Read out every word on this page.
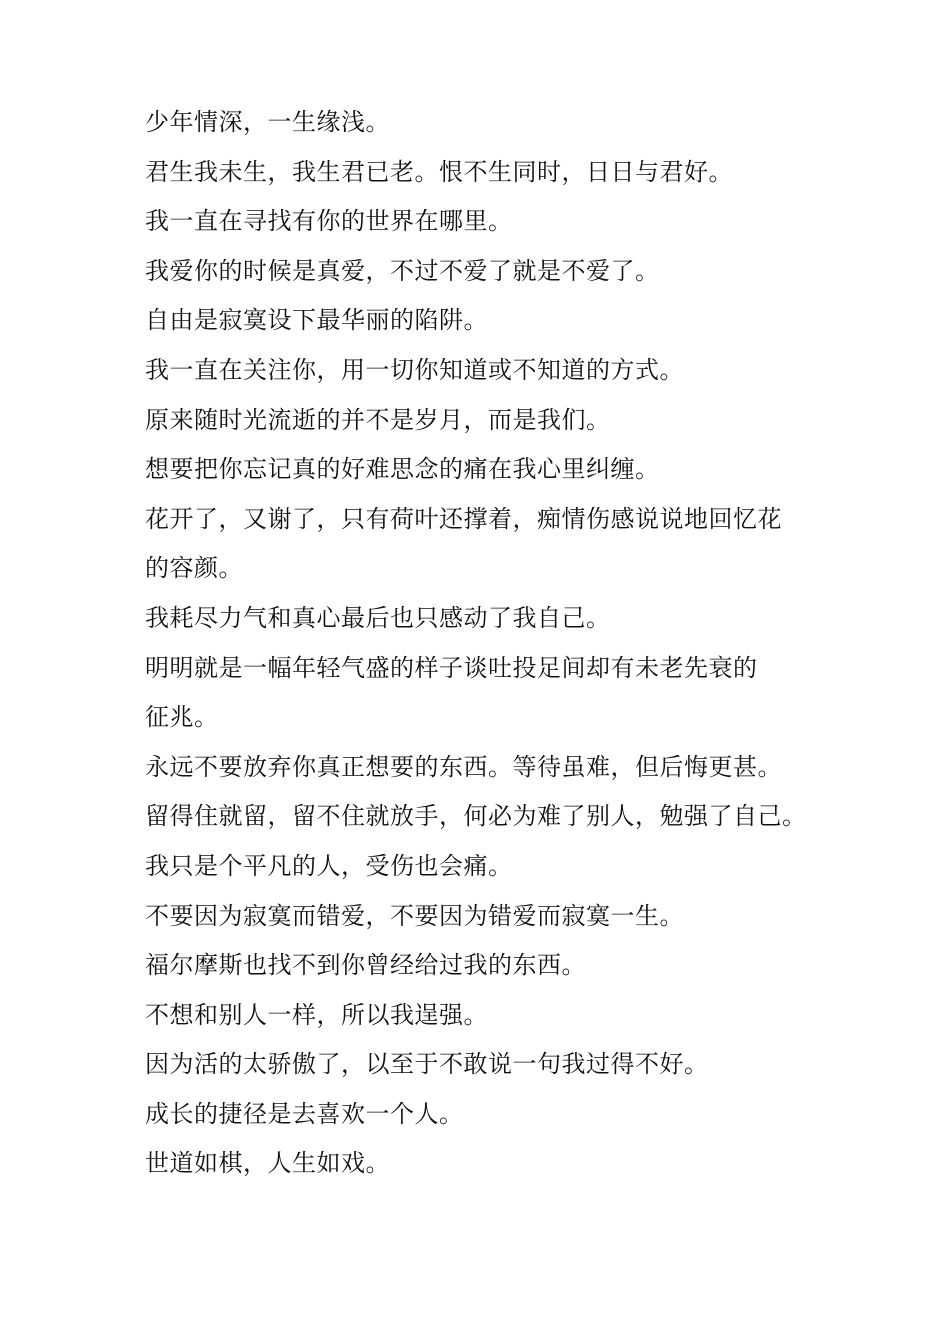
少年情深，一生缘浅。
君生我未生，我生君已老。恨不生同时，日日与君好。
我一直在寻找有你的世界在哪里。
我爱你的时候是真爱，不过不爱了就是不爱了。
自由是寂寞设下最华丽的陷阱。
我一直在关注你，用一切你知道或不知道的方式。
原来随时光流逝的并不是岁月，而是我们。
想要把你忘记真的好难思念的痛在我心里纠缠。
花开了，又谢了，只有荷叶还撑着，痴情伤感说说地回忆花
的容颜。
我耗尽力气和真心最后也只感动了我自己。
明明就是一幅年轻气盛的样子谈吐投足间却有未老先衰的
征兆。
永远不要放弃你真正想要的东西。等待虽难，但后悔更甚。
留得住就留，留不住就放手，何必为难了别人，勉强了自己。
我只是个平凡的人，受伤也会痛。
不要因为寂寞而错爱，不要因为错爱而寂寞一生。
福尔摩斯也找不到你曾经给过我的东西。
不想和别人一样，所以我逞强。
因为活的太骄傲了，以至于不敢说一句我过得不好。
成长的捷径是去喜欢一个人。
世道如棋，人生如戏。
